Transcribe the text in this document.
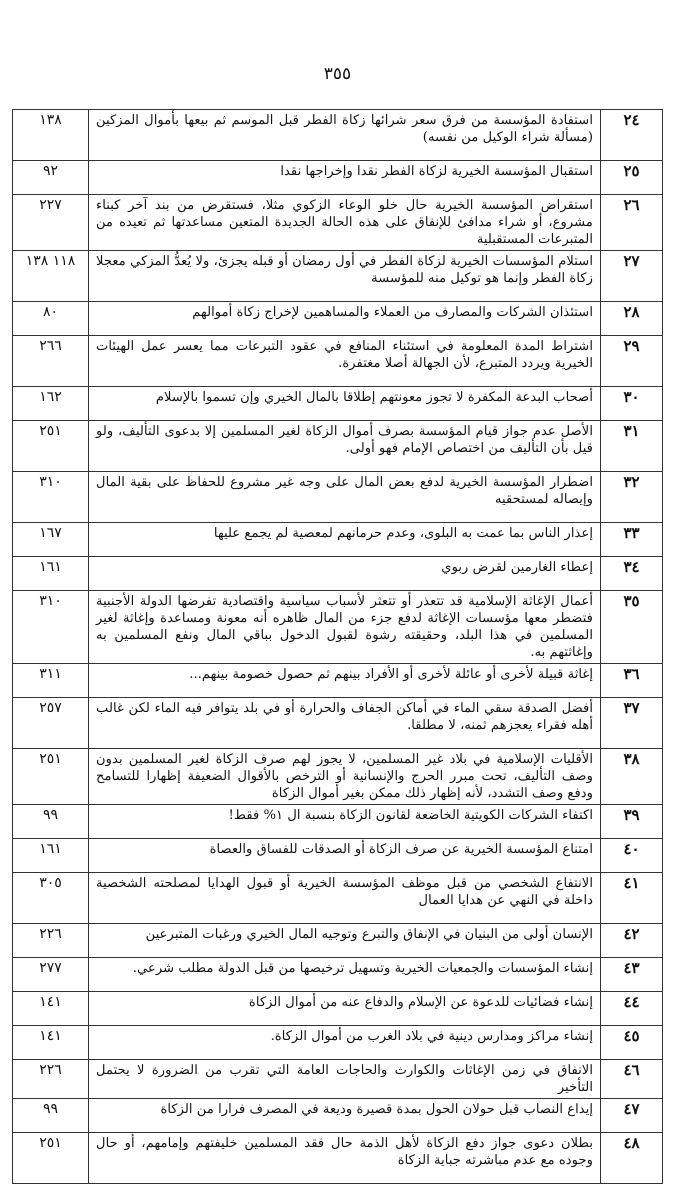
٣٥٥
٢٤	استفادة المؤسسة من فرق سعر شرائها زكاة الفطر قبل الموسم ثم بيعها بأموال المزكين (مسألة شراء الوكيل من نفسه)	١٣٨
٢٥	استقبال المؤسسة الخيرية لزكاة الفطر نقدا وإخراجها نقدا	٩٢
٢٦	استقراض المؤسسة الخيرية حال خلو الوعاء الزكوي مثلا، فستقرض من بند آخر كبناء مشروع، أو شراء مدافئ للإنفاق على هذه الحالة الجديدة المتعين مساعدتها ثم تعيده من المتبرعات المستقبلية	٢٢٧
٢٧	استلام المؤسسات الخيرية لزكاة الفطر في أول رمضان أو قبله يجزئ، ولا يُعدُّ المزكي معجلا زكاة الفطر وإنما هو توكيل منه للمؤسسة	١١٨ ١٣٨
٢٨	استئذان الشركات والمصارف من العملاء والمساهمين لإخراج زكاة أموالهم	٨٠
٢٩	اشتراط المدة المعلومة في استئناء المنافع في عقود التبرعات مما يعسر عمل الهيئات الخيرية ويردد المتبرع، لأن الجهالة أصلا مغتفرة.	٢٦٦
٣٠	أصحاب البدعة المكفرة لا تجوز معونتهم إطلاقا بالمال الخيري وإن تسموا بالإسلام	١٦٢
٣١	الأصل عدم جواز قيام المؤسسة بصرف أموال الزكاة لغير المسلمين إلا بدعوى التأليف، ولو قيل بأن التأليف من اختصاص الإمام فهو أولى.	٢٥١
٣٢	اضطرار المؤسسة الخيرية لدفع بعض المال على وجه غير مشروع للحفاظ على بقية المال وإيصاله لمستحقيه	٣١٠
٣٣	إعذار الناس بما عمت به البلوى، وعدم حرمانهم لمعصية لم يجمع عليها	١٦٧
٣٤	إعطاء الغارمين لقرض ربوي	١٦١
٣٥	أعمال الإغاثة الإسلامية قد تتعذر أو تتعثر لأسباب سياسية واقتصادية تفرضها الدولة الأجنبية فتضطر معها مؤسسات الإغاثة لدفع جزء من المال ظاهره أنه معونة ومساعدة وإغاثة لغير المسلمين في هذا البلد، وحقيقته رشوة لقبول الدخول بباقي المال ونفع المسلمين به وإغاثتهم به.	٣١٠
٣٦	إغاثة قبيلة لأخرى أو عائلة لأخرى أو الأفراد بينهم ثم حصول خصومة بينهم...	٣١١
٣٧	أفضل الصدقة سقي الماء في أماكن الجفاف والحرارة أو في بلد يتوافر فيه الماء لكن غالب أهله فقراء يعجزهم ثمنه، لا مطلقا.	٢٥٧
٣٨	الأقليات الإسلامية في بلاد غير المسلمين، لا يجوز لهم صرف الزكاة لغير المسلمين بدون وصف التأليف، تحت مبرر الحرج والإنسانية أو الترخص بالأقوال الضعيفة إظهارا للتسامح ودفع وصف التشدد، لأنه إظهار ذلك ممكن بغير أموال الزكاة	٢٥١
٣٩	اكتفاء الشركات الكويتية الخاضعة لقانون الزكاة بنسبة ال ١% فقط!	٩٩
٤٠	امتناع المؤسسة الخيرية عن صرف الزكاة أو الصدقات للفساق والعصاة	١٦١
٤١	الانتفاع الشخصي من قبل موظف المؤسسة الخيرية أو قبول الهدايا لمصلحته الشخصية داخلة في النهي عن هدايا العمال	٣٠٥
٤٢	الإنسان أولى من البنيان في الإنفاق والتبرع وتوجيه المال الخيري ورغبات المتبرعين	٢٢٦
٤٣	إنشاء المؤسسات والجمعيات الخيرية وتسهيل ترخيصها من قبل الدولة مطلب شرعي.	٢٧٧
٤٤	إنشاء فضائيات للدعوة عن الإسلام والدفاع عنه من أموال الزكاة	١٤١
٤٥	إنشاء مراكز ومدارس دينية في بلاد الغرب من أموال الزكاة.	١٤١
٤٦	الانفاق في زمن الإغاثات والكوارث والحاجات العامة التي تقرب من الضرورة لا يحتمل التأخير	٢٢٦
٤٧	إيداع النصاب قبل حولان الحول بمدة قصيرة وديعة في المصرف فرارا من الزكاة	٩٩
٤٨	بطلان دعوى جواز دفع الزكاة لأهل الذمة حال فقد المسلمين خليفتهم وإمامهم، أو حال وجوده مع عدم مباشرته جباية الزكاة	٢٥١
